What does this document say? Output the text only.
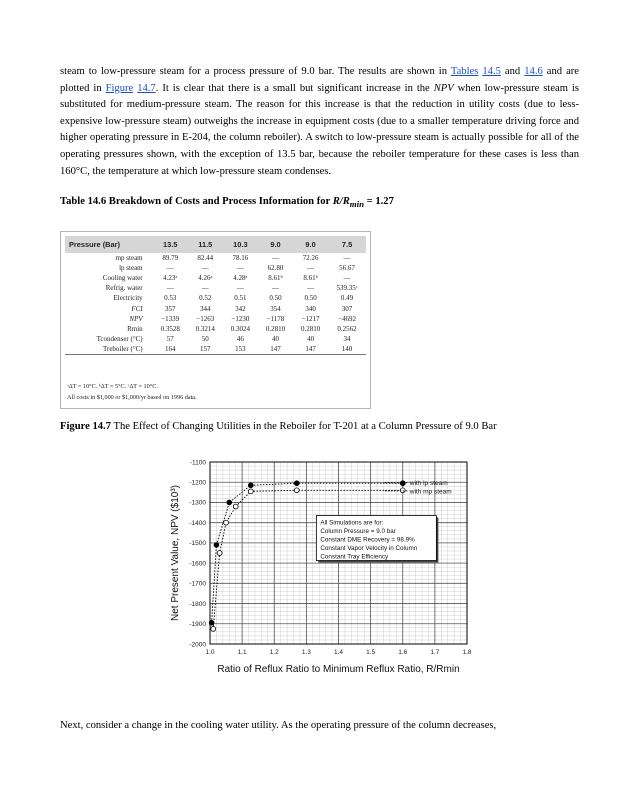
steam to low-pressure steam for a process pressure of 9.0 bar. The results are shown in Tables 14.5 and 14.6 and are plotted in Figure 14.7. It is clear that there is a small but significant increase in the NPV when low-pressure steam is substituted for medium-pressure steam. The reason for this increase is that the reduction in utility costs (due to less-expensive low-pressure steam) outweighs the increase in equipment costs (due to a smaller temperature driving force and higher operating pressure in E-204, the column reboiler). A switch to low-pressure steam is actually possible for all of the operating pressures shown, with the exception of 13.5 bar, because the reboiler temperature for these cases is less than 160°C, the temperature at which low-pressure steam condenses.
Table 14.6 Breakdown of Costs and Process Information for $R/R_{min} = 1.27$
Pressure (Bar)	13.5	11.5	10.3	9.0	9.0	7.5
mp steam	89.79	82.44	78.16	—	72.26	—
lp steam	—	—	—	62.80	—	56.67
Cooling water	4.23ᵃ	4.26ᵃ	4.28ᵃ	8.61ᵇ	8.61ᵇ	—
Refrig. water	—	—	—	—	—	539.35ᶜ
Electricity	0.53	0.52	0.51	0.50	0.50	0.49
FCI	357	344	342	354	340	307
NPV	−1339	−1263	−1230	−1178	−1217	−4692
Rmin	0.3528	0.3214	0.3024	0.2810	0.2810	0.2562
Tcondenser (°C)	57	50	46	40	40	34
Treboiler (°C)	164	157	153	147	147	140
ᵃΔT = 10°C. ᵇΔT = 5°C. ᶜΔT = 10°C.
All costs in $1,000 or $1,000/yr based on 1996 data.
Figure 14.7 The Effect of Changing Utilities in the Reboiler for T-201 at a Column Pressure of 9.0 Bar
1.0	1.1	1.2	1.3	1.4	1.5	1.6	1.7	1.8
-1100
-1200
-1300
-1400
-1500
-1600
-1700
-1800
-1900
-2000
with lp steam
with mp steam
All Simulations are for:
Column Pressure = 9.0 bar
Constant DME Recovery = 98.9%
Constant Vapor Velocity in Column
Constant Tray Efficiency
Net Present Value, NPV ($10³)
Ratio of Reflux Ratio to Minimum Reflux Ratio, R/Rmin
Next, consider a change in the cooling water utility. As the operating pressure of the column decreases,
